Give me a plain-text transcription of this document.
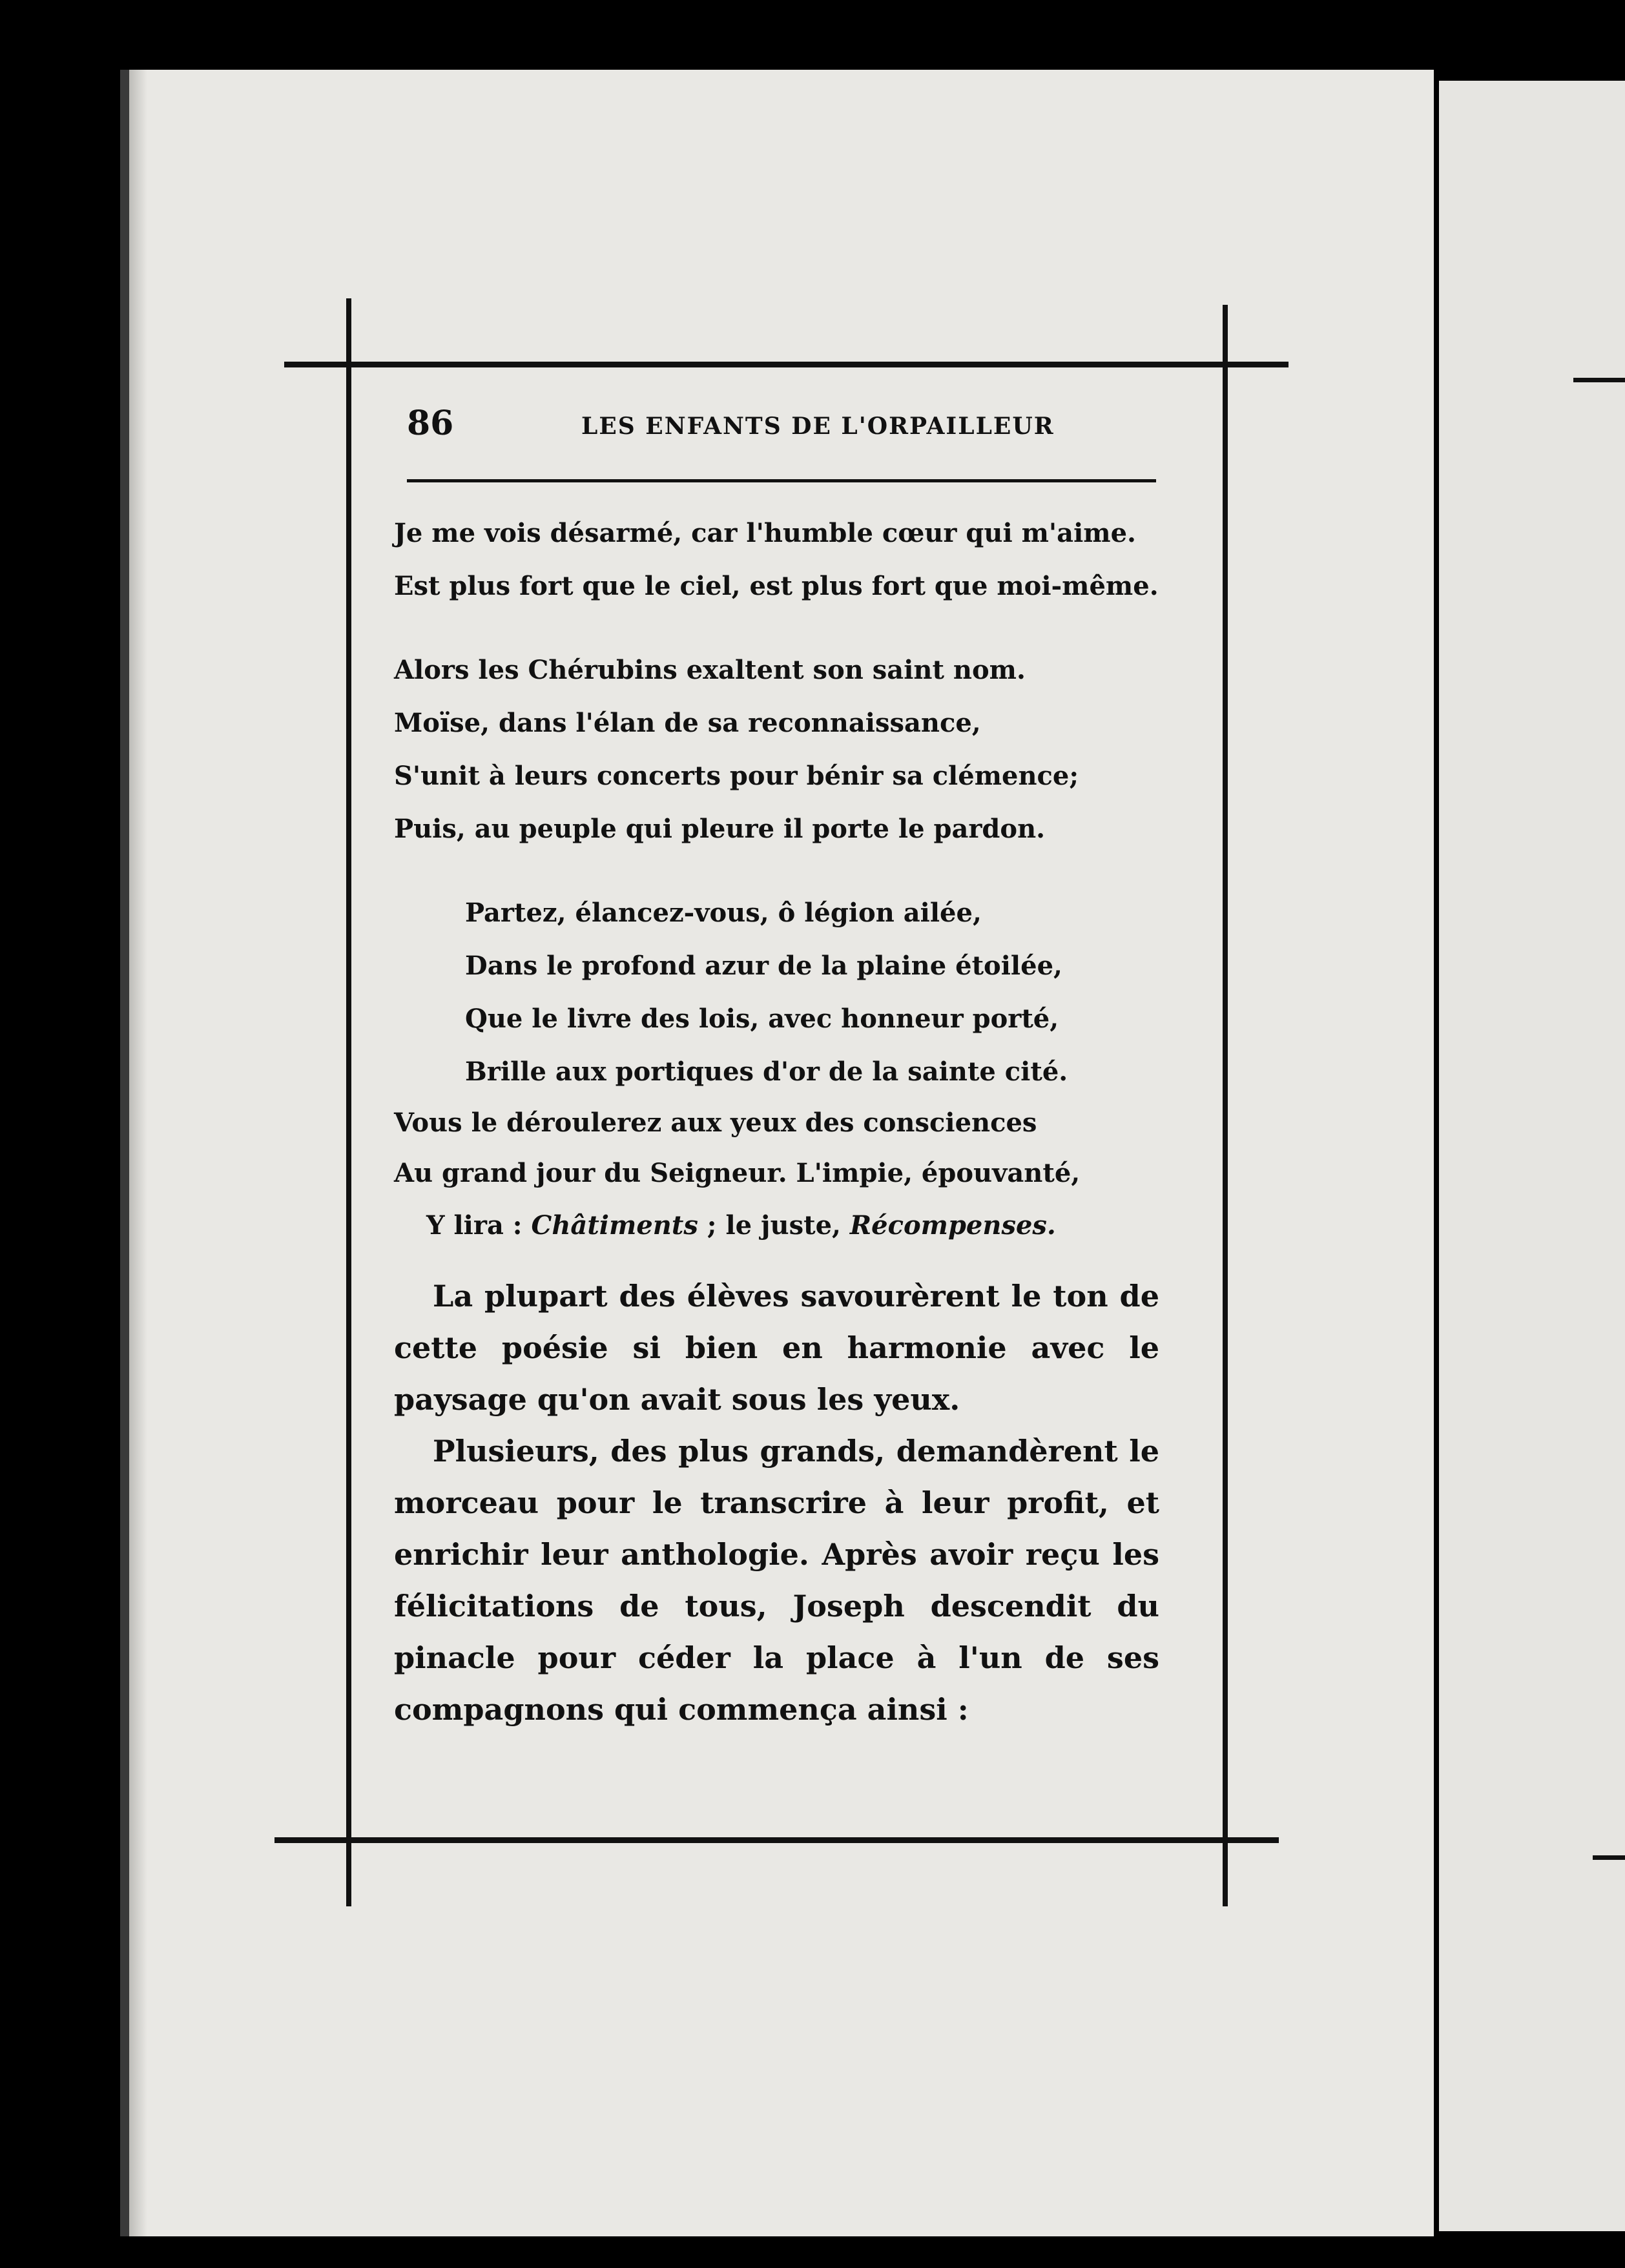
86	LES ENFANTS DE L'ORPAILLEUR
Je me vois désarmé, car l'humble cœur qui m'aime.
Est plus fort que le ciel, est plus fort que moi-même.
Alors les Chérubins exaltent son saint nom.
Moïse, dans l'élan de sa reconnaissance,
S'unit à leurs concerts pour bénir sa clémence;
Puis, au peuple qui pleure il porte le pardon.
Partez, élancez-vous, ô légion ailée,
Dans le profond azur de la plaine étoilée,
Que le livre des lois, avec honneur porté,
Brille aux portiques d'or de la sainte cité.
Vous le déroulerez aux yeux des consciences
Au grand jour du Seigneur. L'impie, épouvanté,
Y lira : Châtiments ; le juste, Récompenses.

La plupart des élèves savourèrent le ton de cette poésie si bien en harmonie avec le paysage qu'on avait sous les yeux.

Plusieurs, des plus grands, demandèrent le morceau pour le transcrire à leur profit, et enrichir leur anthologie. Après avoir reçu les félicitations de tous, Joseph descendit du pinacle pour céder la place à l'un de ses compagnons qui commença ainsi :
